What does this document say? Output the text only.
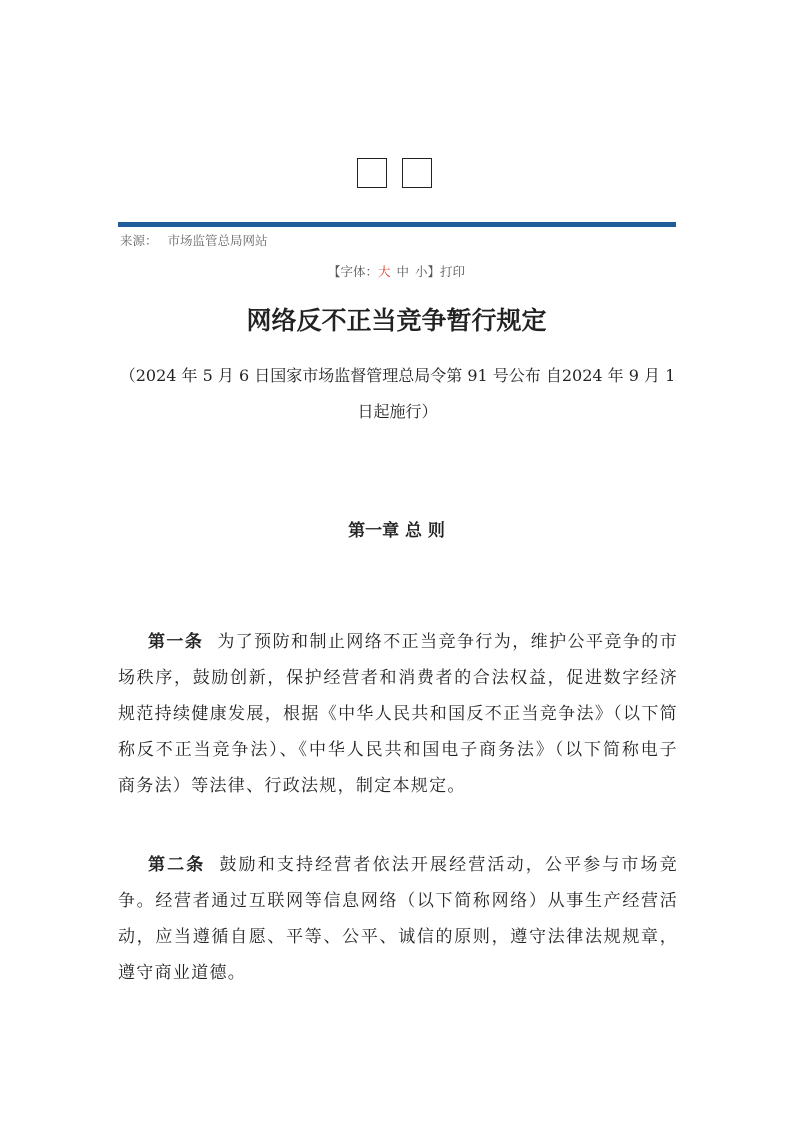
来源： 市场监管总局网站
【字体：大 中 小】打印
网络反不正当竞争暂行规定
（2024 年 5 月 6 日国家市场监督管理总局令第 91 号公布 自2024 年 9 月 1 日起施行）
第一章 总 则

第一条 为了预防和制止网络不正当竞争行为，维护公平竞争的市场秩序，鼓励创新，保护经营者和消费者的合法权益，促进数字经济规范持续健康发展，根据《中华人民共和国反不正当竞争法》（以下简称反不正当竞争法）、《中华人民共和国电子商务法》（以下简称电子商务法）等法律、行政法规，制定本规定。

第二条 鼓励和支持经营者依法开展经营活动，公平参与市场竞争。经营者通过互联网等信息网络（以下简称网络）从事生产经营活动，应当遵循自愿、平等、公平、诚信的原则，遵守法律法规规章，遵守商业道德。
